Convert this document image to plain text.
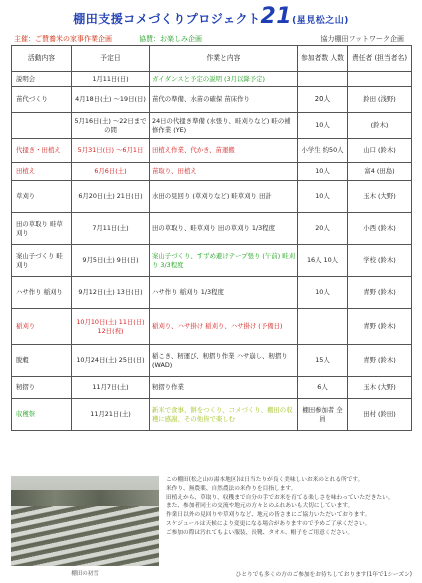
棚田支援コメづくりプロジェクト21(星見松之山)
主催：ご賛養米の家事作業企画	協賛：お楽しみ企画	協力棚田フットワーク企画
活動内容	予定日	作業と内容	参加者数 人数	責任者 (担当者名)
説明会	1月11日(日)	ガイダンスと予定の説明 (3月以降予定)		
苗代づくり	4月18日(土) 〜19日(日)	苗代の準備、水苗の確保 苗床作り	20人	鈴田 (浅野)
	5月16日(土) 〜22日までの間	24日の代掻き準備 (水張り、畦刈りなど) 畦の補修作業 (YE)	10人	(鈴木)
代掻き・田植え	5月31日(日) 〜6月1日	田植え作業、代かき、苗運搬	小学生 約50人	山口 (鈴木)
田植え	6月6日(土)	苗取り、田植え	10人	富4 (田島)
草刈り	6月20日(土) 21日(日)	水田の見回り (草刈りなど) 畦草刈り 田計	10人	玉木 (大野)
田の草取り 畦草刈り	7月11日(土)	田の草取り、畦草刈り 田の草刈り 1/3程度	20人	小西 (鈴木)
案山子づくり 畦刈り	9月5日(土) 9日(日)	案山子づくり、すずめ避けテープ張り (午前) 畦刈り 3/3程度	16人 10人	学校 (鈴木)
ハサ作り 稲刈り	9月12日(土) 13日(日)	ハサ作り 稲刈り 1/3程度	10人	青野 (鈴木)
稲刈り	10月10日(土) 11日(日) 12日(祝)	稲刈り、ハサ掛け 稲刈り、ハサ掛け (予備日)		青野 (鈴木)
脱穀	10月24日(土) 25日(日)	稲こき、籾運び、籾摺り作業 ハサ崩し、籾摺り (WAD)	15人	青野 (鈴木)
籾摺り	11月7日(土)	籾摺り作業	6人	玉木 (大野)
収穫祭	11月21日(土)	新米で食事、餅をつくり、コメづくり、棚田の収穫に感謝、その他皆で楽しむ	棚田参加者 全員	田村 (鈴田)
棚田の初雪

この棚田(松之山の湯本地区)は日当たりが良く美味しいお米のとれる所です。

米作り、無農薬、自然農法の米作りを目指します。

田植えから、草取り、収穫まで自分の手でお米を育てる楽しさを味わっていただきたい。

また、参加者同士の交流や地元の方々とのふれあいも大切にしています。

作業日以外の見回りや草刈りなど、地元の皆さまにご協力いただいております。

スケジュールは天候により変更になる場合がありますので予めご了承ください。

ご参加の際は汚れてもよい服装、長靴、タオル、帽子をご用意ください。

ひとりでも多くの方のご参加をお待ちしております(1年で1シーズン)
